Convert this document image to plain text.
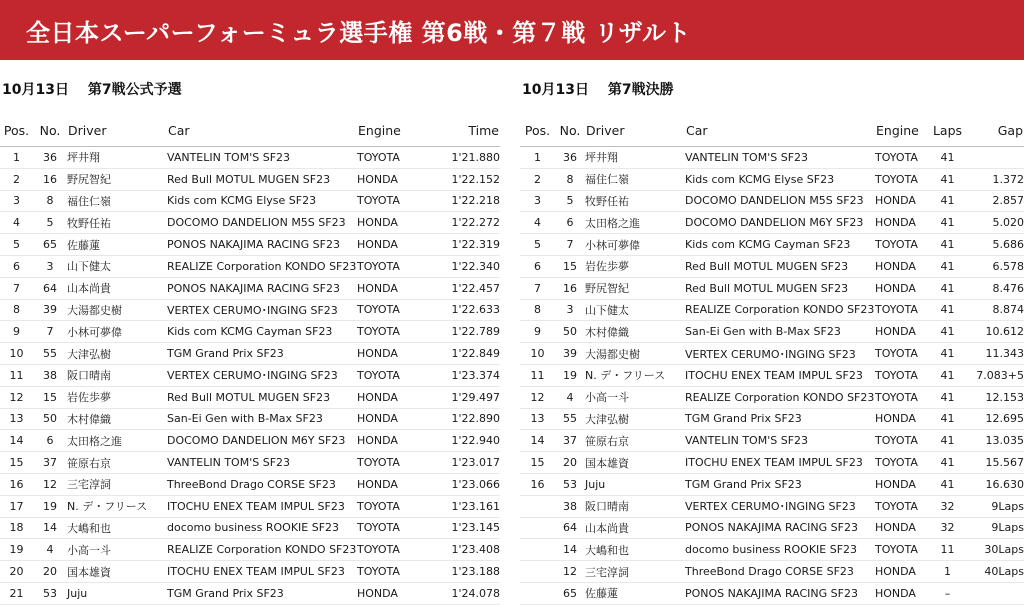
全日本スーパーフォーミュラ選手権 第6戦・第７戦 リザルト
10月13日 第7戦公式予選	10月13日 第7戦決勝
Pos.	No.	Driver	Car	Engine	Time
1	36	坪井翔	VANTELIN TOM'S SF23	TOYOTA	1'21.880
2	16	野尻智紀	Red Bull MOTUL MUGEN SF23	HONDA	1'22.152
3	8	福住仁嶺	Kids com KCMG Elyse SF23	TOYOTA	1'22.218
4	5	牧野任祐	DOCOMO DANDELION M5S SF23	HONDA	1'22.272
5	65	佐藤蓮	PONOS NAKAJIMA RACING SF23	HONDA	1'22.319
6	3	山下健太	REALIZE Corporation KONDO SF23	TOYOTA	1'22.340
7	64	山本尚貴	PONOS NAKAJIMA RACING SF23	HONDA	1'22.457
8	39	大湯都史樹	VERTEX CERUMO･INGING SF23	TOYOTA	1'22.633
9	7	小林可夢偉	Kids com KCMG Cayman SF23	TOYOTA	1'22.789
10	55	大津弘樹	TGM Grand Prix SF23	HONDA	1'22.849
11	38	阪口晴南	VERTEX CERUMO･INGING SF23	TOYOTA	1'23.374
12	15	岩佐歩夢	Red Bull MOTUL MUGEN SF23	HONDA	1'29.497
13	50	木村偉織	San-Ei Gen with B-Max SF23	HONDA	1'22.890
14	6	太田格之進	DOCOMO DANDELION M6Y SF23	HONDA	1'22.940
15	37	笹原右京	VANTELIN TOM'S SF23	TOYOTA	1'23.017
16	12	三宅淳詞	ThreeBond Drago CORSE SF23	HONDA	1'23.066
17	19	N. デ・フリース	ITOCHU ENEX TEAM IMPUL SF23	TOYOTA	1'23.161
18	14	大嶋和也	docomo business ROOKIE SF23	TOYOTA	1'23.145
19	4	小高一斗	REALIZE Corporation KONDO SF23	TOYOTA	1'23.408
20	20	国本雄資	ITOCHU ENEX TEAM IMPUL SF23	TOYOTA	1'23.188
21	53	Juju	TGM Grand Prix SF23	HONDA	1'24.078
Pos.	No.	Driver	Car	Engine	Laps	Gap
1	36	坪井翔	VANTELIN TOM'S SF23	TOYOTA	41	
2	8	福住仁嶺	Kids com KCMG Elyse SF23	TOYOTA	41	1.372
3	5	牧野任祐	DOCOMO DANDELION M5S SF23	HONDA	41	2.857
4	6	太田格之進	DOCOMO DANDELION M6Y SF23	HONDA	41	5.020
5	7	小林可夢偉	Kids com KCMG Cayman SF23	TOYOTA	41	5.686
6	15	岩佐歩夢	Red Bull MOTUL MUGEN SF23	HONDA	41	6.578
7	16	野尻智紀	Red Bull MOTUL MUGEN SF23	HONDA	41	8.476
8	3	山下健太	REALIZE Corporation KONDO SF23	TOYOTA	41	8.874
9	50	木村偉織	San-Ei Gen with B-Max SF23	HONDA	41	10.612
10	39	大湯都史樹	VERTEX CERUMO･INGING SF23	TOYOTA	41	11.343
11	19	N. デ・フリース	ITOCHU ENEX TEAM IMPUL SF23	TOYOTA	41	7.083+5
12	4	小高一斗	REALIZE Corporation KONDO SF23	TOYOTA	41	12.153
13	55	大津弘樹	TGM Grand Prix SF23	HONDA	41	12.695
14	37	笹原右京	VANTELIN TOM'S SF23	TOYOTA	41	13.035
15	20	国本雄資	ITOCHU ENEX TEAM IMPUL SF23	TOYOTA	41	15.567
16	53	Juju	TGM Grand Prix SF23	HONDA	41	16.630
	38	阪口晴南	VERTEX CERUMO･INGING SF23	TOYOTA	32	9Laps
	64	山本尚貴	PONOS NAKAJIMA RACING SF23	HONDA	32	9Laps
	14	大嶋和也	docomo business ROOKIE SF23	TOYOTA	11	30Laps
	12	三宅淳詞	ThreeBond Drago CORSE SF23	HONDA	1	40Laps
	65	佐藤蓮	PONOS NAKAJIMA RACING SF23	HONDA	–	
